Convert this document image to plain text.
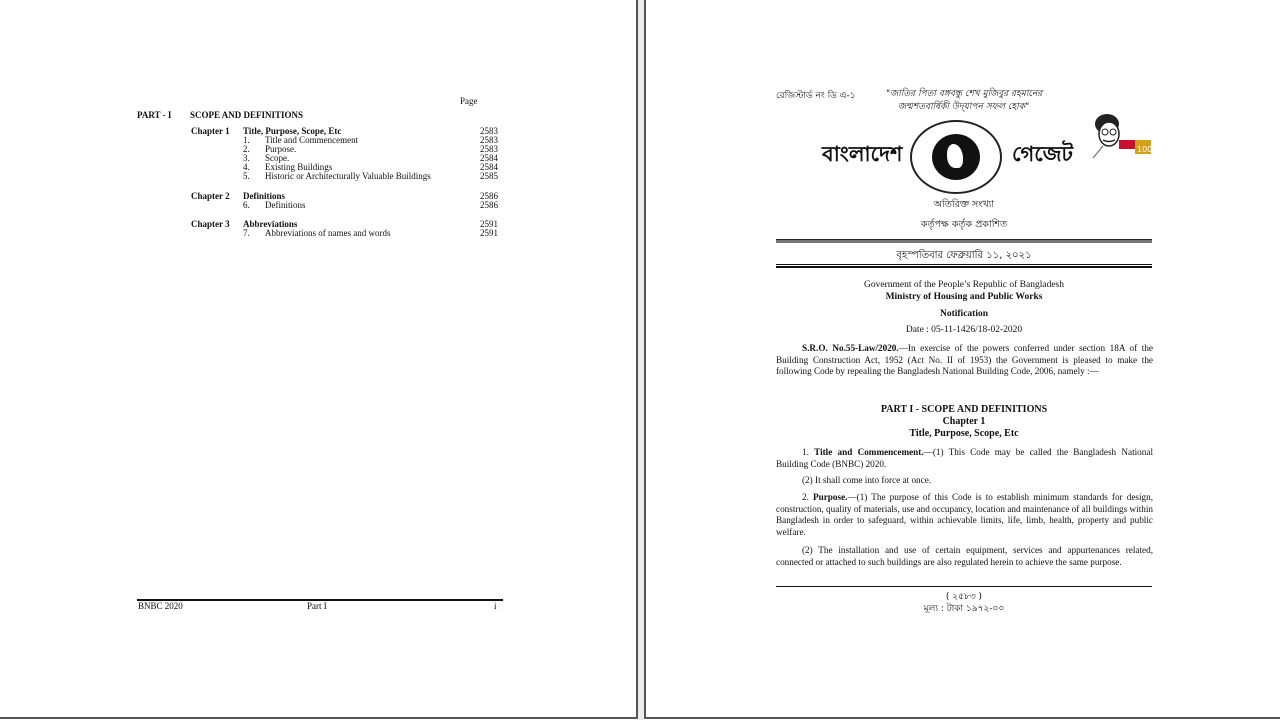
Page
PART - I SCOPE AND DEFINITIONS
Chapter 1 Title, Purpose, Scope, Etc	2583
1. Title and Commencement	2583
2. Purpose.	2583
3. Scope.	2584
4. Existing Buildings	2584
5. Historic or Architecturally Valuable Buildings	2585
Chapter 2 Definitions	2586
6. Definitions	2586
Chapter 3 Abbreviations	2591
7. Abbreviations of names and words	2591
BNBC 2020	Part I	i
রেজিস্টার্ড নং ডি এ-১	"জাতির পিতা বঙ্গবন্ধু শেখ মুজিবুর রহমানের
জন্মশতবার্ষিকী উদ্‌যাপন সফল হোক"
বাংলাদেশ	গেজেট	100
অতিরিক্ত সংখ্যা
কর্তৃপক্ষ কর্তৃক প্রকাশিত
বৃহস্পতিবার ফেব্রুয়ারি ১১, ২০২১
Government of the People’s Republic of Bangladesh
Ministry of Housing and Public Works
Notification
Date : 05-11-1426/18-02-2020
S.R.O. No.55-Law/2020.—In exercise of the powers conferred under section 18A of the Building Construction Act, 1952 (Act No. II of 1953) the Government is pleased to make the following Code by repealing the Bangladesh National Building Code, 2006, namely :—
PART I - SCOPE AND DEFINITIONS
Chapter 1
Title, Purpose, Scope, Etc
1. Title and Commencement.—(1) This Code may be called the Bangladesh National Building Code (BNBC) 2020.
(2) It shall come into force at once.
2. Purpose.—(1) The purpose of this Code is to establish minimum standards for design, construction, quality of materials, use and occupancy, location and maintenance of all buildings within Bangladesh in order to safeguard, within achievable limits, life, limb, health, property and public welfare.
(2) The installation and use of certain equipment, services and appurtenances related, connected or attached to such buildings are also regulated herein to achieve the same purpose.
( ২৫৮৩ )
মূল্য : টাকা ১৯৭২-০০
